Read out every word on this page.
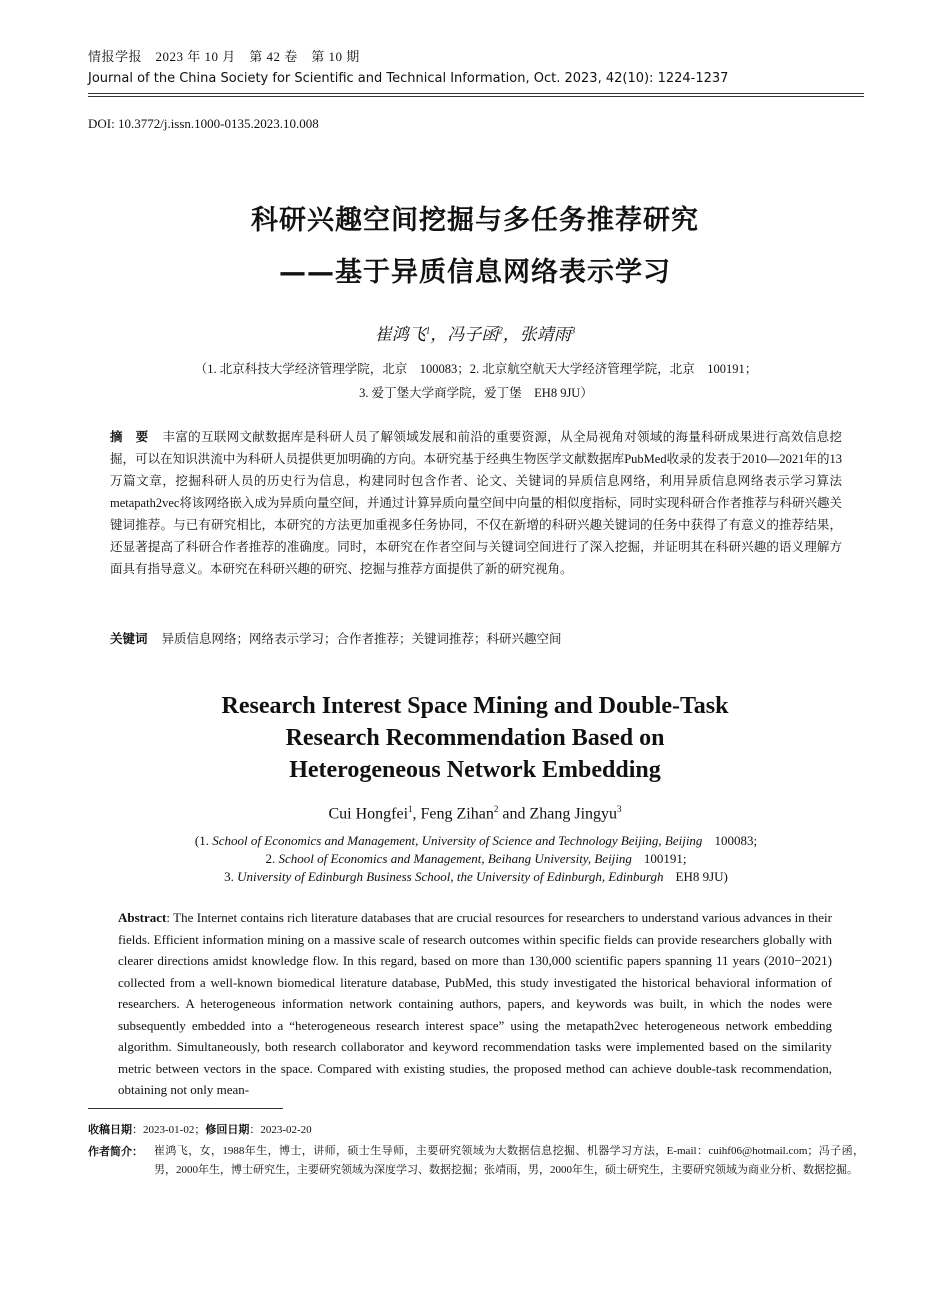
情报学报　2023 年 10 月　第 42 卷　第 10 期
Journal of the China Society for Scientific and Technical Information, Oct. 2023, 42(10): 1224-1237
DOI: 10.3772/j.issn.1000-0135.2023.10.008
科研兴趣空间挖掘与多任务推荐研究
——基于异质信息网络表示学习
崔鸿飞$^1$，冯子函$^2$，张靖雨$^3$
（1. 北京科技大学经济管理学院，北京　100083；2. 北京航空航天大学经济管理学院，北京　100191；
3. 爱丁堡大学商学院，爱丁堡　EH8 9JU）
摘　要 丰富的互联网文献数据库是科研人员了解领域发展和前沿的重要资源，从全局视角对领域的海量科研成果进行高效信息挖掘，可以在知识洪流中为科研人员提供更加明确的方向。本研究基于经典生物医学文献数据库PubMed收录的发表于2010—2021年的13万篇文章，挖掘科研人员的历史行为信息，构建同时包含作者、论文、关键词的异质信息网络，利用异质信息网络表示学习算法metapath2vec将该网络嵌入成为异质向量空间，并通过计算异质向量空间中向量的相似度指标，同时实现科研合作者推荐与科研兴趣关键词推荐。与已有研究相比，本研究的方法更加重视多任务协同，不仅在新增的科研兴趣关键词的任务中获得了有意义的推荐结果，还显著提高了科研合作者推荐的准确度。同时，本研究在作者空间与关键词空间进行了深入挖掘，并证明其在科研兴趣的语义理解方面具有指导意义。本研究在科研兴趣的研究、挖掘与推荐方面提供了新的研究视角。
关键词 异质信息网络；网络表示学习；合作者推荐；关键词推荐；科研兴趣空间
Research Interest Space Mining and Double-Task
Research Recommendation Based on
Heterogeneous Network Embedding
Cui Hongfei$^1$, Feng Zihan$^2$ and Zhang Jingyu$^3$
(1. School of Economics and Management, University of Science and Technology Beijing, Beijing 100083;
2. School of Economics and Management, Beihang University, Beijing 100191;
3. University of Edinburgh Business School, the University of Edinburgh, Edinburgh EH8 9JU)
Abstract: The Internet contains rich literature databases that are crucial resources for researchers to understand various advances in their fields. Efficient information mining on a massive scale of research outcomes within specific fields can provide researchers globally with clearer directions amidst knowledge flow. In this regard, based on more than 130,000 scientific papers spanning 11 years (2010−2021) collected from a well-known biomedical literature database, PubMed, this study investigated the historical behavioral information of researchers. A heterogeneous information network containing authors, papers, and keywords was built, in which the nodes were subsequently embedded into a “heterogeneous research interest space” using the metapath2vec heterogeneous network embedding algorithm. Simultaneously, both research collaborator and keyword recommendation tasks were implemented based on the similarity metric between vectors in the space. Compared with existing studies, the proposed method can achieve double-task recommendation, obtaining not only mean-
收稿日期：2023-01-02；修回日期：2023-02-20
作者简介：	崔鸿飞，女，1988年生，博士，讲师，硕士生导师，主要研究领域为大数据信息挖掘、机器学习方法，E-mail：cuihf06@hotmail.com；冯子函，男，2000年生，博士研究生，主要研究领域为深度学习、数据挖掘；张靖雨，男，2000年生，硕士研究生，主要研究领域为商业分析、数据挖掘。
